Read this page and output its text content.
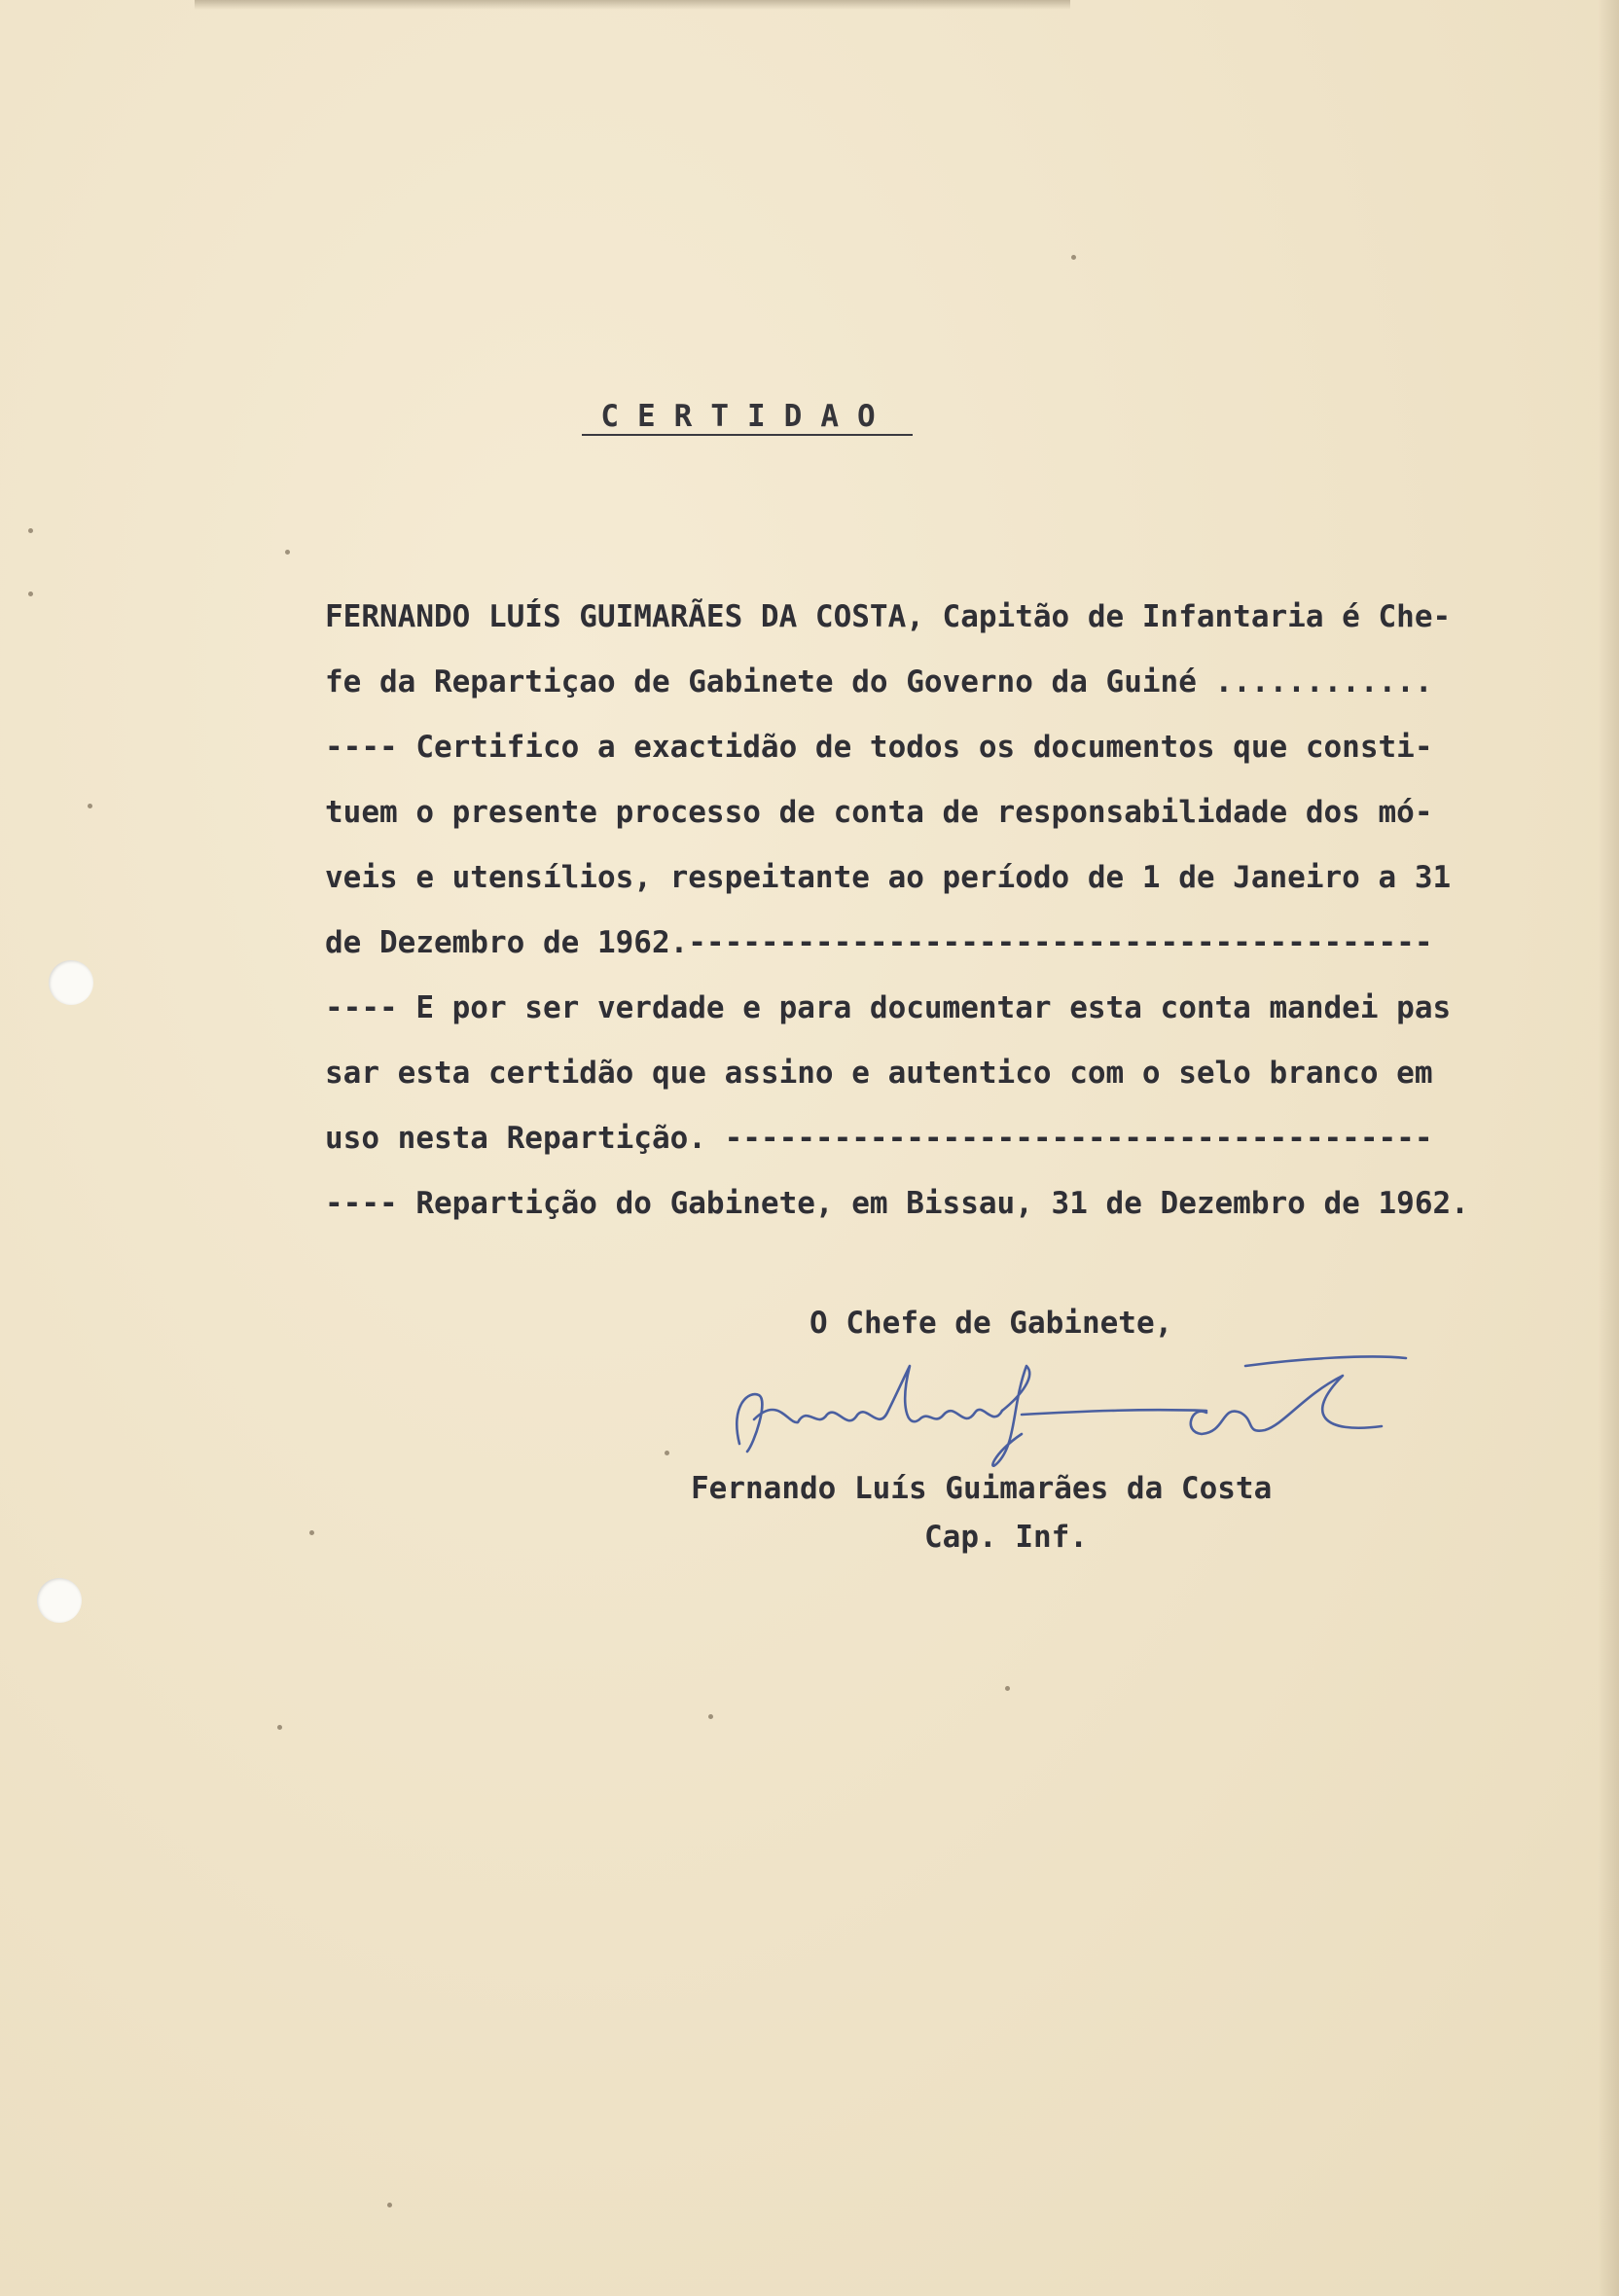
CERTIDAO
FERNANDO LUÍS GUIMARÃES DA COSTA, Capitão de Infantaria é Che-
fe da Repartiçao de Gabinete do Governo da Guiné ............
---- Certifico a exactidão de todos os documentos que consti-
tuem o presente processo de conta de responsabilidade dos mó-
veis e utensílios, respeitante ao período de 1 de Janeiro a 31
de Dezembro de 1962.-----------------------------------------
---- E por ser verdade e para documentar esta conta mandei pas
sar esta certidão que assino e autentico com o selo branco em
uso nesta Repartição. ---------------------------------------
---- Repartição do Gabinete, em Bissau, 31 de Dezembro de 1962.
O Chefe de Gabinete,
Fernando Luís Guimarães da Costa
Cap. Inf.
